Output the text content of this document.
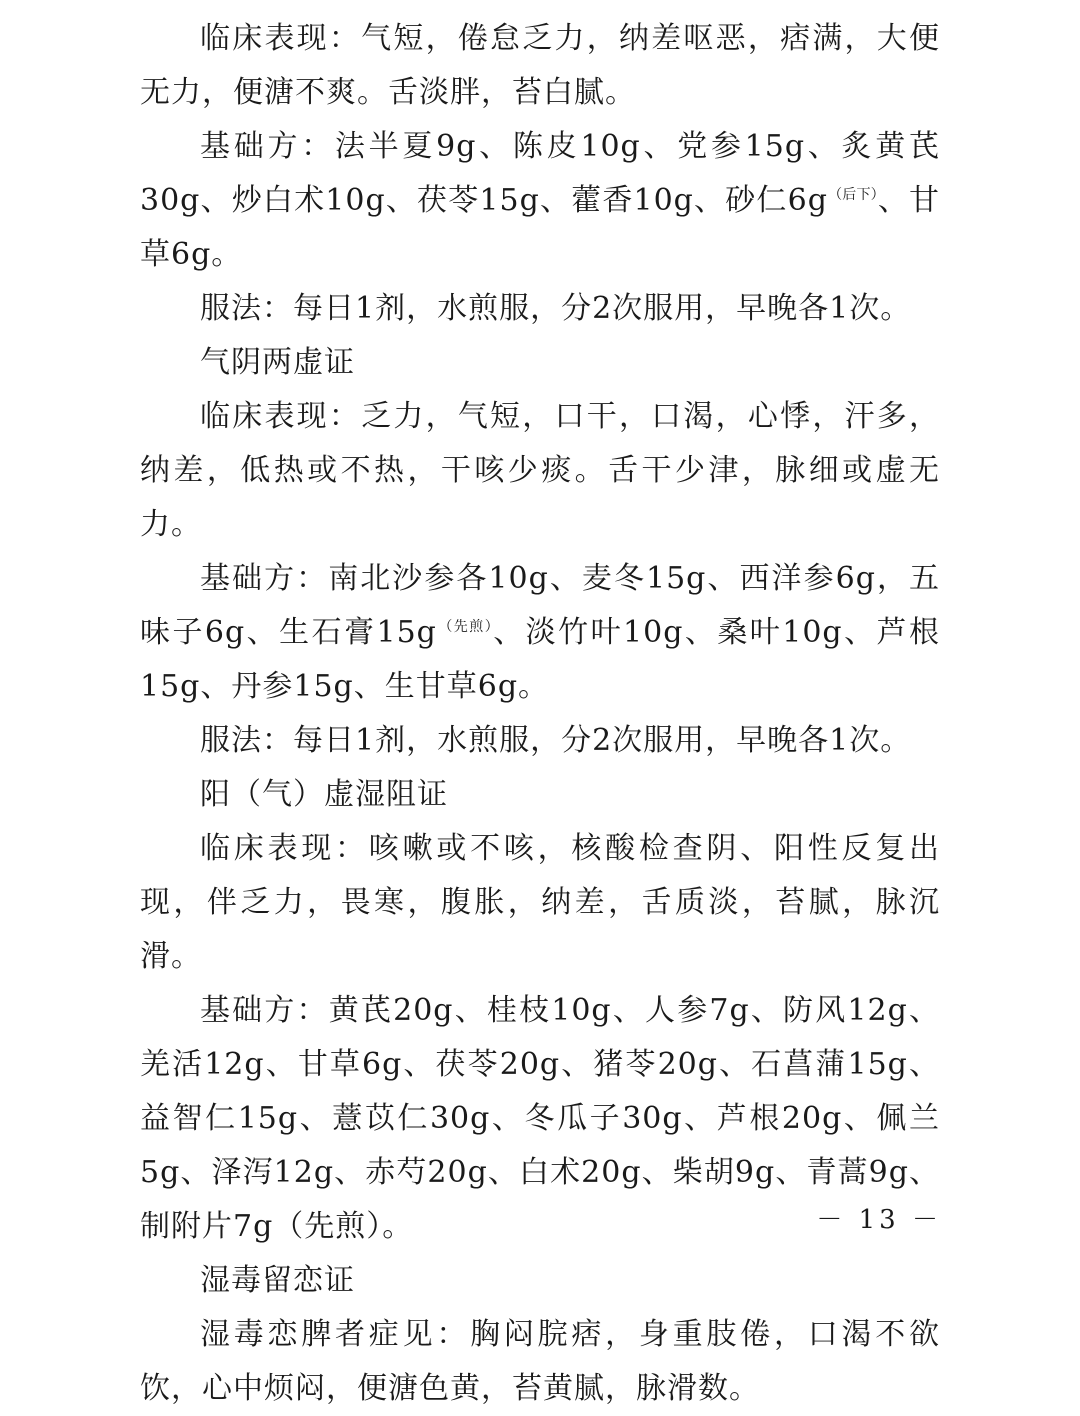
临床表现：气短，倦怠乏力，纳差呕恶，痞满，大便无力，便溏不爽。舌淡胖，苔白腻。

基础方：法半夏9g、陈皮10g、党参15g、炙黄芪30g、炒白术10g、茯苓15g、藿香10g、砂仁6g$^{(后下)}$、甘草6g。

服法：每日1剂，水煎服，分2次服用，早晚各1次。

气阴两虚证

临床表现：乏力，气短，口干，口渴，心悸，汗多，纳差，低热或不热，干咳少痰。舌干少津，脉细或虚无力。

基础方：南北沙参各10g、麦冬15g、西洋参6g，五味子6g、生石膏15g$^{(先煎)}$、淡竹叶10g、桑叶10g、芦根15g、丹参15g、生甘草6g。

服法：每日1剂，水煎服，分2次服用，早晚各1次。

阳（气）虚湿阻证

临床表现：咳嗽或不咳，核酸检查阴、阳性反复出现，伴乏力，畏寒，腹胀，纳差，舌质淡，苔腻，脉沉滑。

基础方：黄芪20g、桂枝10g、人参7g、防风12g、羌活12g、甘草6g、茯苓20g、猪苓20g、石菖蒲15g、益智仁15g、薏苡仁30g、冬瓜子30g、芦根20g、佩兰5g、泽泻12g、赤芍20g、白术20g、柴胡9g、青蒿9g、制附片7g（先煎）。

湿毒留恋证

湿毒恋脾者症见：胸闷脘痞，身重肢倦，口渴不欲饮，心中烦闷，便溏色黄，苔黄腻，脉滑数。

－ 13 －
